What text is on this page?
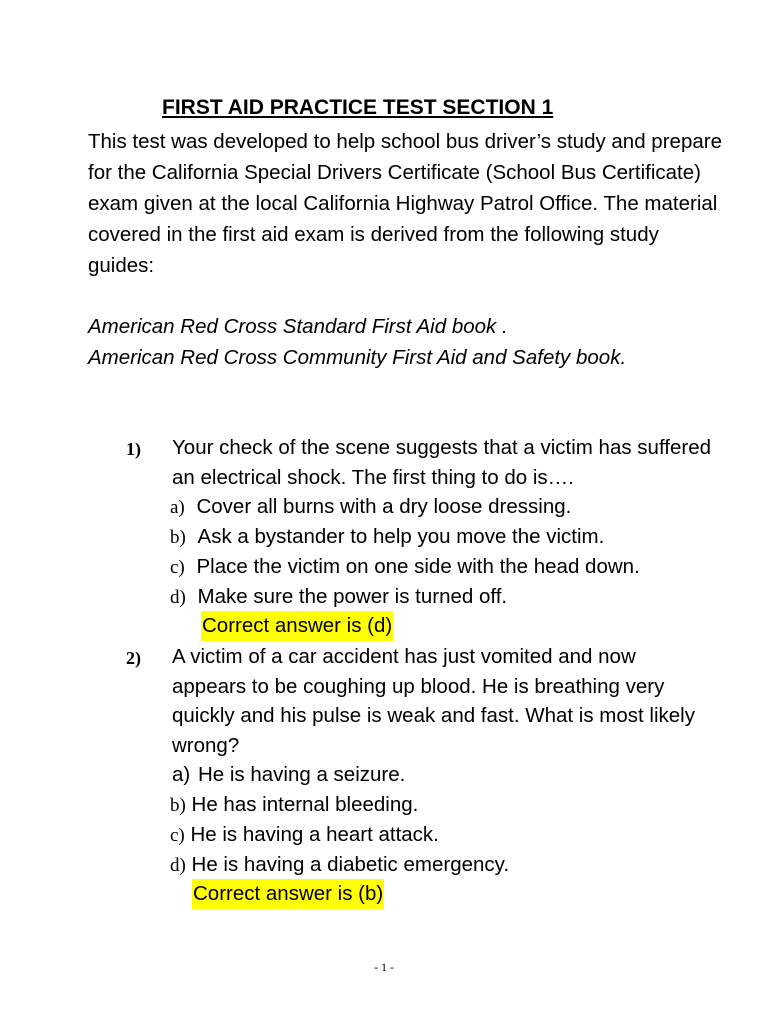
FIRST AID PRACTICE TEST SECTION 1

This test was developed to help school bus driver’s study and prepare for the California Special Drivers Certificate (School Bus Certificate) exam given at the local California Highway Patrol Office. The material covered in the first aid exam is derived from the following study guides:

American Red Cross Standard First Aid book .
American Red Cross Community First Aid and Safety book.
1) Your check of the scene suggests that a victim has suffered an electrical shock. The first thing to do is….
a) Cover all burns with a dry loose dressing.
b) Ask a bystander to help you move the victim.
c) Place the victim on one side with the head down.
d) Make sure the power is turned off.
Correct answer is (d)
2) A victim of a car accident has just vomited and now appears to be coughing up blood. He is breathing very quickly and his pulse is weak and fast. What is most likely wrong?
a) He is having a seizure.
b) He has internal bleeding.
c) He is having a heart attack.
d) He is having a diabetic emergency.
Correct answer is (b)
- 1 -
